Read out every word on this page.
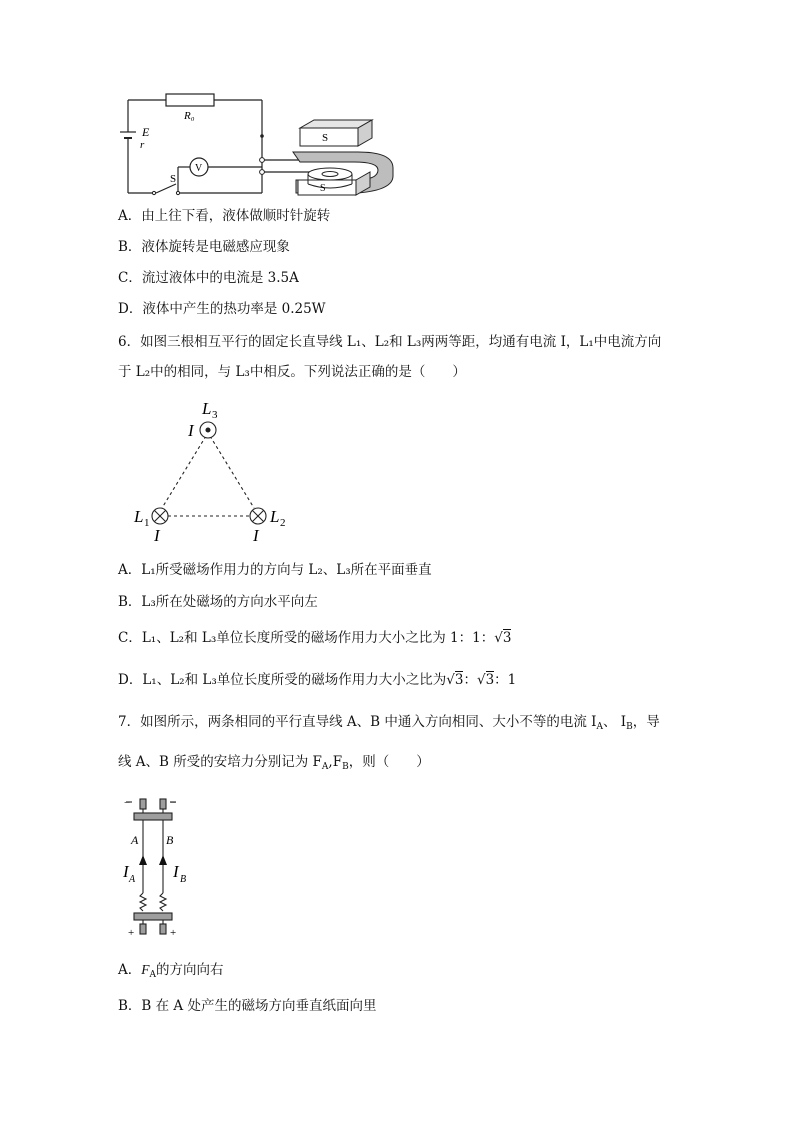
R₀
E
r
V
S
S
S
A．由上往下看，液体做顺时针旋转
B．液体旋转是电磁感应现象
C．流过液体中的电流是 3.5A
D．液体中产生的热功率是 0.25W
6．如图三根相互平行的固定长直导线 L₁、L₂和 L₃两两等距，均通有电流 I，L₁中电流方向
于 L₂中的相同，与 L₃中相反。下列说法正确的是（　　）
L 3
I
L 1
I
L 2
I
A．L₁所受磁场作用力的方向与 L₂、L₃所在平面垂直
B．L₃所在处磁场的方向水平向左
C．L₁、L₂和 L₃单位长度所受的磁场作用力大小之比为 1：1：√3
D．L₁、L₂和 L₃单位长度所受的磁场作用力大小之比为√3：√3：1
7．如图所示，两条相同的平行直导线 A、B 中通入方向相同、大小不等的电流 $I_A$、 $I_B$，导
线 A、B 所受的安培力分别记为 $F_A,F_B$，则（　　）
−	−
A B
I A I B
+	+
A．$F_A$的方向向右
B．B 在 A 处产生的磁场方向垂直纸面向里
